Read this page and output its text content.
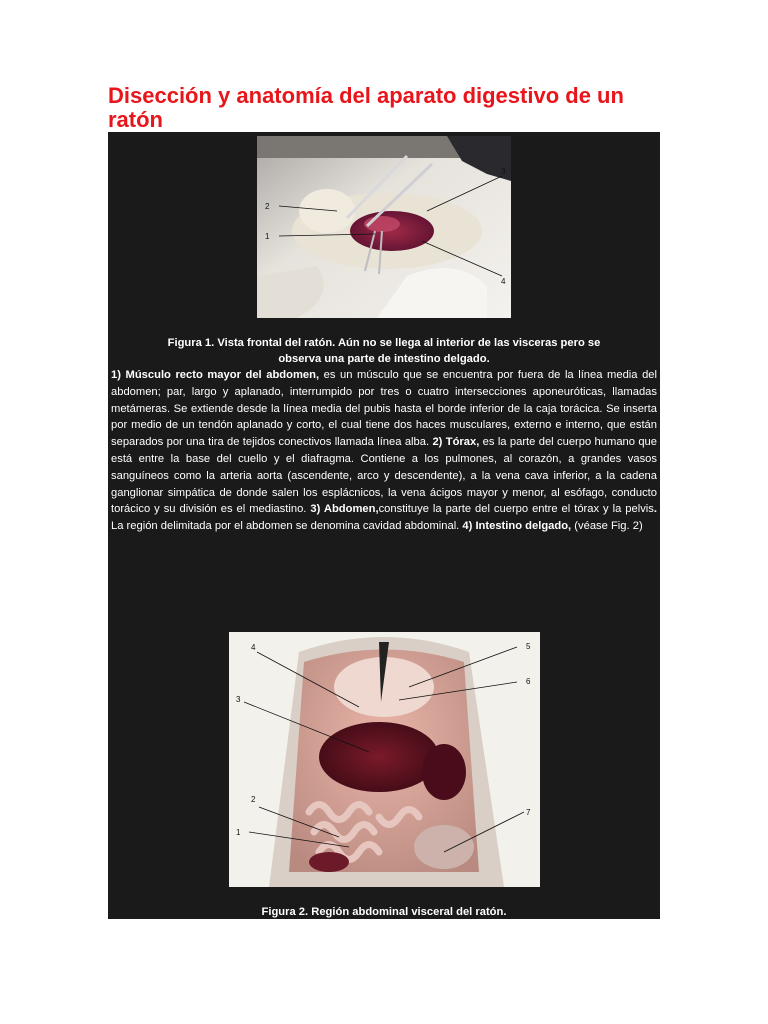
Disección y anatomía del aparato digestivo de un ratón
2
1
3
4
Figura 1. Vista frontal del ratón. Aún no se llega al interior de las visceras pero se
observa una parte de intestino delgado.

1) Músculo recto mayor del abdomen, es un músculo que se encuentra por fuera de la línea media del abdomen; par, largo y aplanado, interrumpido por tres o cuatro intersecciones aponeuróticas, llamadas metámeras. Se extiende desde la línea media del pubis hasta el borde inferior de la caja torácica. Se inserta por medio de un tendón aplanado y corto, el cual tiene dos haces musculares, externo e interno, que están separados por una tira de tejidos conectivos llamada línea alba. 2) Tórax, es la parte del cuerpo humano que está entre la base del cuello y el diafragma. Contiene a los pulmones, al corazón, a grandes vasos sanguíneos como la arteria aorta (ascendente, arco y descendente), a la vena cava inferior, a la cadena ganglionar simpática de donde salen los esplácnicos, la vena ácigos mayor y menor, al esófago, conducto torácico y su división es el mediastino. 3) Abdomen,constituye la parte del cuerpo entre el tórax y la pelvis. La región delimitada por el abdomen se denomina cavidad abdominal. 4) Intestino delgado, (véase Fig. 2)

4
3
2
1
5
6
7
Figura 2. Región abdominal visceral del ratón.
